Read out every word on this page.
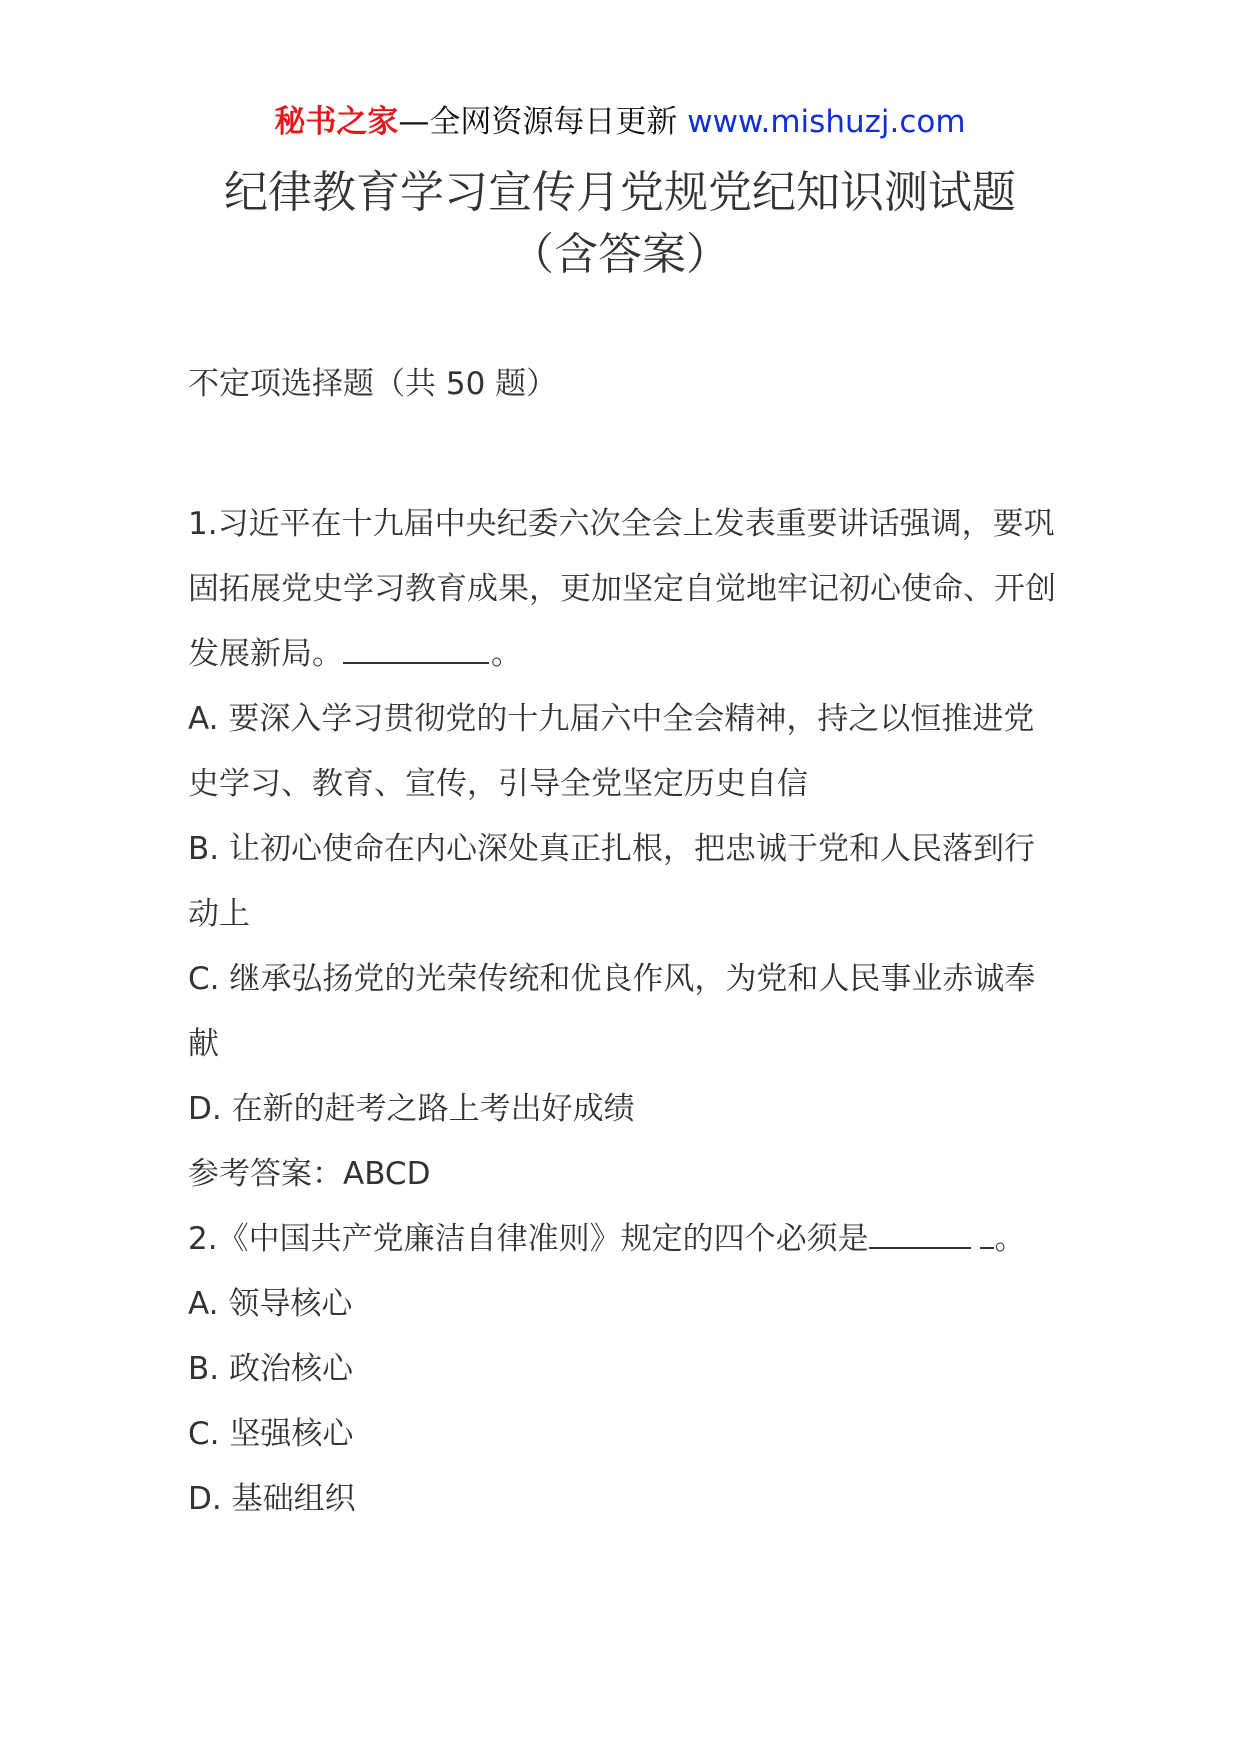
秘书之家—全网资源每日更新 www.mishuzj.com
纪律教育学习宣传月党规党纪知识测试题
（含答案）
不定项选择题（共 50 题）

1.习近平在十九届中央纪委六次全会上发表重要讲话强调，要巩固拓展党史学习教育成果，更加坚定自觉地牢记初心使命、开创发展新局。	。

A. 要深入学习贯彻党的十九届六中全会精神，持之以恒推进党史学习、教育、宣传，引导全党坚定历史自信

B. 让初心使命在内心深处真正扎根，把忠诚于党和人民落到行动上

C. 继承弘扬党的光荣传统和优良作风，为党和人民事业赤诚奉献

D. 在新的赶考之路上考出好成绩

参考答案：ABCD

2.《中国共产党廉洁自律准则》规定的四个必须是	。

A. 领导核心

B. 政治核心

C. 坚强核心

D. 基础组织
